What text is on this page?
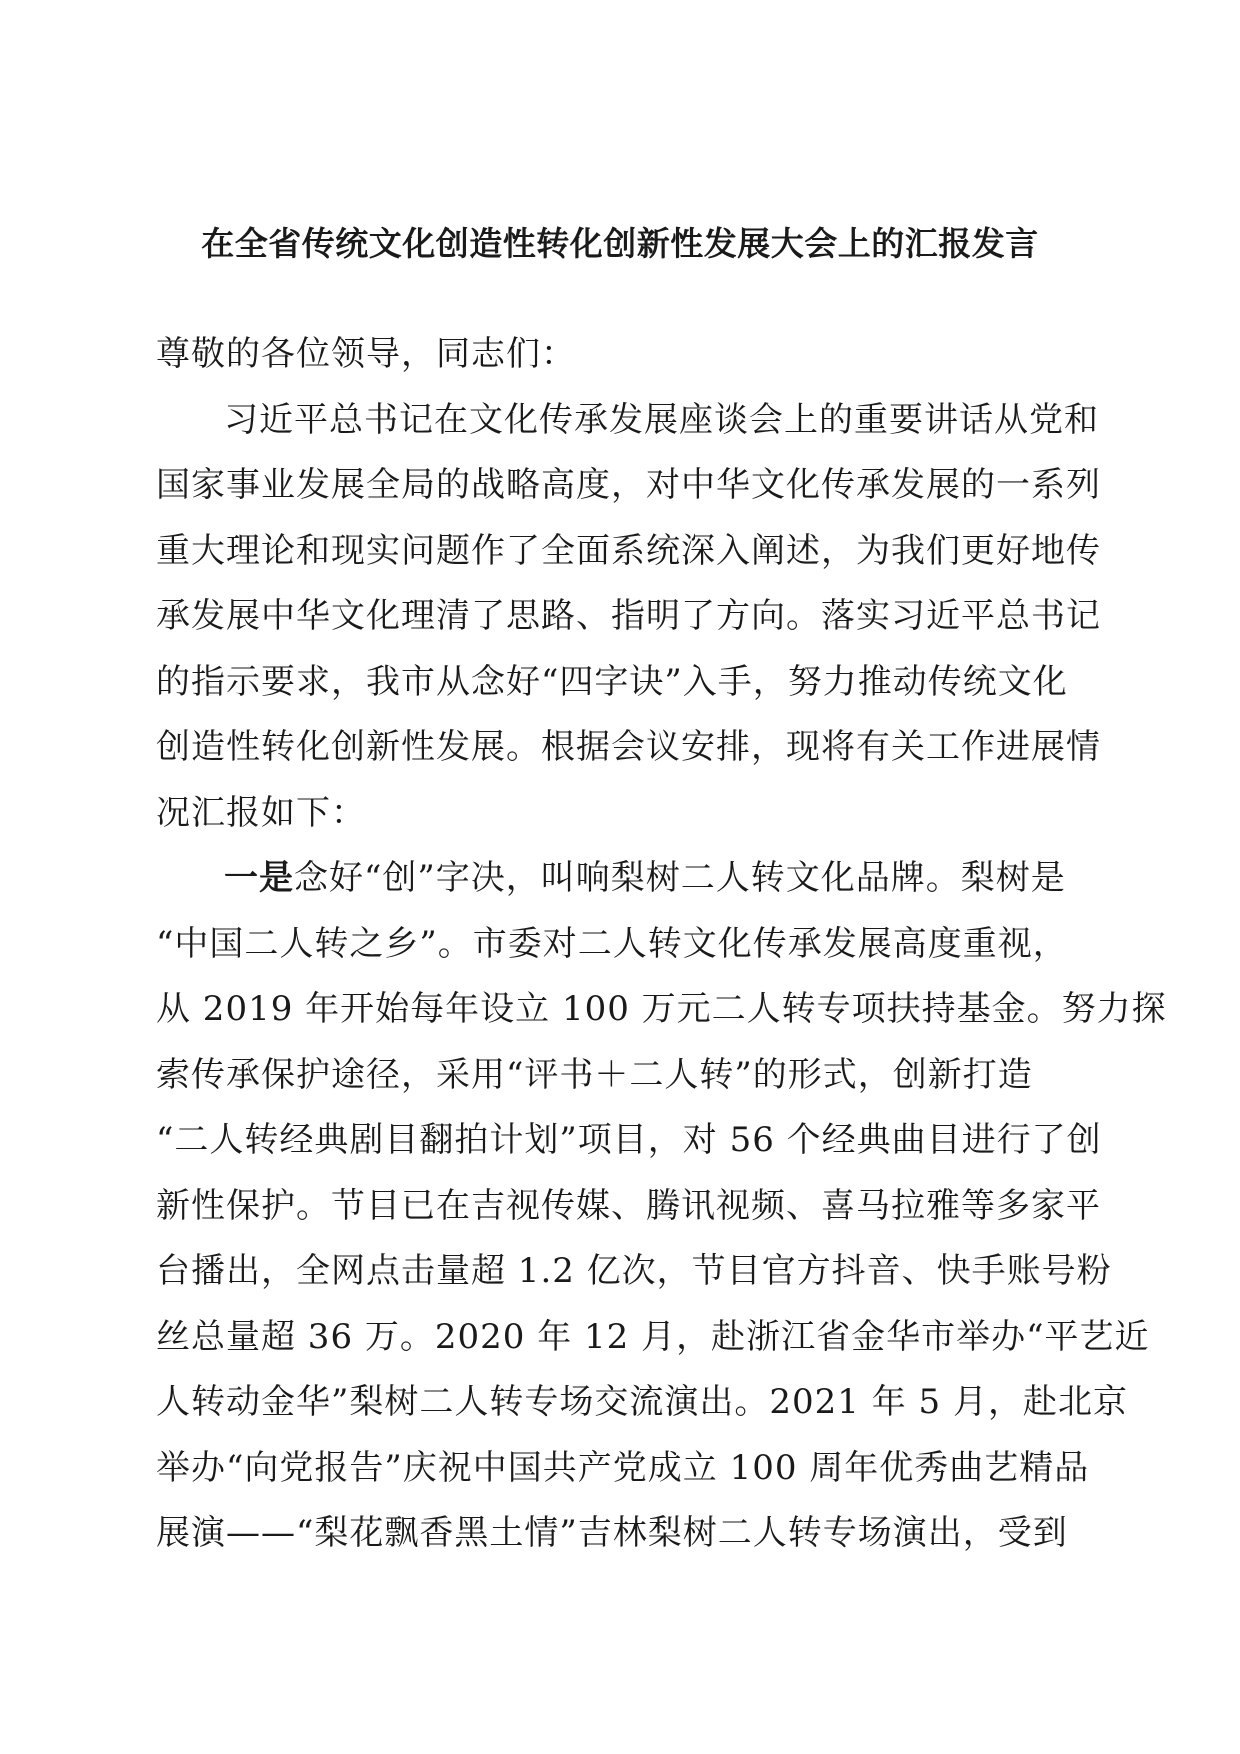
在全省传统文化创造性转化创新性发展大会上的汇报发言
尊敬的各位领导，同志们：
习近平总书记在文化传承发展座谈会上的重要讲话从党和
国家事业发展全局的战略高度，对中华文化传承发展的一系列
重大理论和现实问题作了全面系统深入阐述，为我们更好地传
承发展中华文化理清了思路、指明了方向。落实习近平总书记
的指示要求，我市从念好“四字诀”入手，努力推动传统文化
创造性转化创新性发展。根据会议安排，现将有关工作进展情
况汇报如下：
一是念好“创”字决，叫响梨树二人转文化品牌。梨树是
“中国二人转之乡”。市委对二人转文化传承发展高度重视，
从 2019 年开始每年设立 100 万元二人转专项扶持基金。努力探
索传承保护途径，采用“评书＋二人转”的形式，创新打造
“二人转经典剧目翻拍计划”项目，对 56 个经典曲目进行了创
新性保护。节目已在吉视传媒、腾讯视频、喜马拉雅等多家平
台播出，全网点击量超 1.2 亿次，节目官方抖音、快手账号粉
丝总量超 36 万。2020 年 12 月，赴浙江省金华市举办“平艺近
人转动金华”梨树二人转专场交流演出。2021 年 5 月，赴北京
举办“向党报告”庆祝中国共产党成立 100 周年优秀曲艺精品
展演——“梨花飘香黑土情”吉林梨树二人转专场演出，受到
